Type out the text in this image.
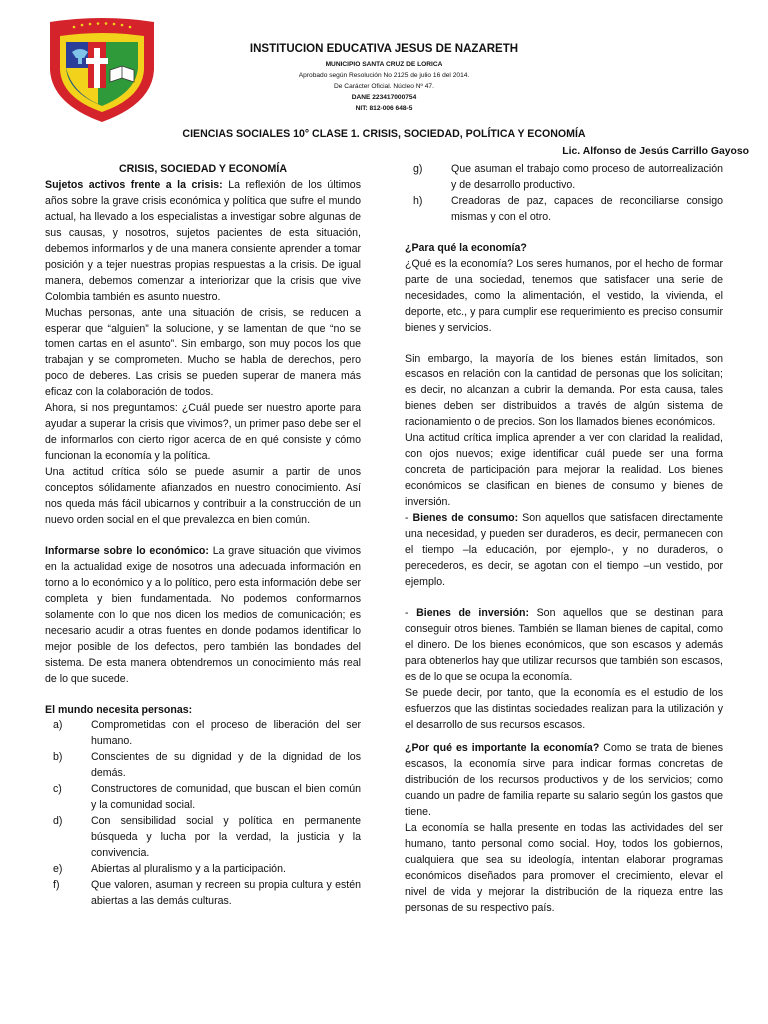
INSTITUCION EDUCATIVA JESUS DE NAZARETH
MUNICIPIO SANTA CRUZ DE LORICA
Aprobado según Resolución No 2125 de julio 16 del 2014.
De Carácter Oficial. Núcleo Nº 47.
DANE 223417000754
NIT: 812-006 648-5
CIENCIAS SOCIALES 10° CLASE 1. CRISIS, SOCIEDAD, POLÍTICA Y ECONOMÍA
Lic. Alfonso de Jesús Carrillo Gayoso
CRISIS, SOCIEDAD Y ECONOMÍA

Sujetos activos frente a la crisis: La reflexión de los últimos años sobre la grave crisis económica y política que sufre el mundo actual, ha llevado a los especialistas a investigar sobre algunas de sus causas, y nosotros, sujetos pacientes de esta situación, debemos informarlos y de una manera consiente aprender a tomar posición y a tejer nuestras propias respuestas a la crisis. De igual manera, debemos comenzar a interiorizar que la crisis que vive Colombia también es asunto nuestro.

Muchas personas, ante una situación de crisis, se reducen a esperar que “alguien” la solucione, y se lamentan de que “no se tomen cartas en el asunto”. Sin embargo, son muy pocos los que trabajan y se comprometen. Mucho se habla de derechos, pero poco de deberes. Las crisis se pueden superar de manera más eficaz con la colaboración de todos.

Ahora, si nos preguntamos: ¿Cuál puede ser nuestro aporte para ayudar a superar la crisis que vivimos?, un primer paso debe ser el de informarlos con cierto rigor acerca de en qué consiste y cómo funcionan la economía y la política.

Una actitud crítica sólo se puede asumir a partir de unos conceptos sólidamente afianzados en nuestro conocimiento. Así nos queda más fácil ubicarnos y contribuir a la construcción de un nuevo orden social en el que prevalezca en bien común.

Informarse sobre lo económico: La grave situación que vivimos en la actualidad exige de nosotros una adecuada información en torno a lo económico y a lo político, pero esta información debe ser completa y bien fundamentada. No podemos conformarnos solamente con lo que nos dicen los medios de comunicación; es necesario acudir a otras fuentes en donde podamos identificar lo mejor posible de los defectos, pero también las bondades del sistema. De esta manera obtendremos un conocimiento más real de lo que sucede.

El mundo necesita personas:

a)	Comprometidas con el proceso de liberación del ser humano.
b)	Conscientes de su dignidad y de la dignidad de los demás.
c)	Constructores de comunidad, que buscan el bien común y la comunidad social.
d)	Con sensibilidad social y política en permanente búsqueda y lucha por la verdad, la justicia y la convivencia.
e)	Abiertas al pluralismo y a la participación.
f)	Que valoren, asuman y recreen su propia cultura y estén abiertas a las demás culturas.
g)	Que asuman el trabajo como proceso de autorrealización y de desarrollo productivo.
h)	Creadoras de paz, capaces de reconciliarse consigo mismas y con el otro.

¿Para qué la economía?

¿Qué es la economía? Los seres humanos, por el hecho de formar parte de una sociedad, tenemos que satisfacer una serie de necesidades, como la alimentación, el vestido, la vivienda, el deporte, etc., y para cumplir ese requerimiento es preciso consumir bienes y servicios.

Sin embargo, la mayoría de los bienes están limitados, son escasos en relación con la cantidad de personas que los solicitan; es decir, no alcanzan a cubrir la demanda. Por esta causa, tales bienes deben ser distribuidos a través de algún sistema de racionamiento o de precios. Son los llamados bienes económicos.

Una actitud crítica implica aprender a ver con claridad la realidad, con ojos nuevos; exige identificar cuál puede ser una forma concreta de participación para mejorar la realidad. Los bienes económicos se clasifican en bienes de consumo y bienes de inversión.

- Bienes de consumo: Son aquellos que satisfacen directamente una necesidad, y pueden ser duraderos, es decir, permanecen con el tiempo –la educación, por ejemplo-, y no duraderos, o perecederos, es decir, se agotan con el tiempo –un vestido, por ejemplo.

- Bienes de inversión: Son aquellos que se destinan para conseguir otros bienes. También se llaman bienes de capital, como el dinero. De los bienes económicos, que son escasos y además para obtenerlos hay que utilizar recursos que también son escasos, es de lo que se ocupa la economía.

Se puede decir, por tanto, que la economía es el estudio de los esfuerzos que las distintas sociedades realizan para la utilización y el desarrollo de sus recursos escasos.

¿Por qué es importante la economía? Como se trata de bienes escasos, la economía sirve para indicar formas concretas de distribución de los recursos productivos y de los servicios; como cuando un padre de familia reparte su salario según los gastos que tiene.

La economía se halla presente en todas las actividades del ser humano, tanto personal como social. Hoy, todos los gobiernos, cualquiera que sea su ideología, intentan elaborar programas económicos diseñados para promover el crecimiento, elevar el nivel de vida y mejorar la distribución de la riqueza entre las personas de su respectivo país.
